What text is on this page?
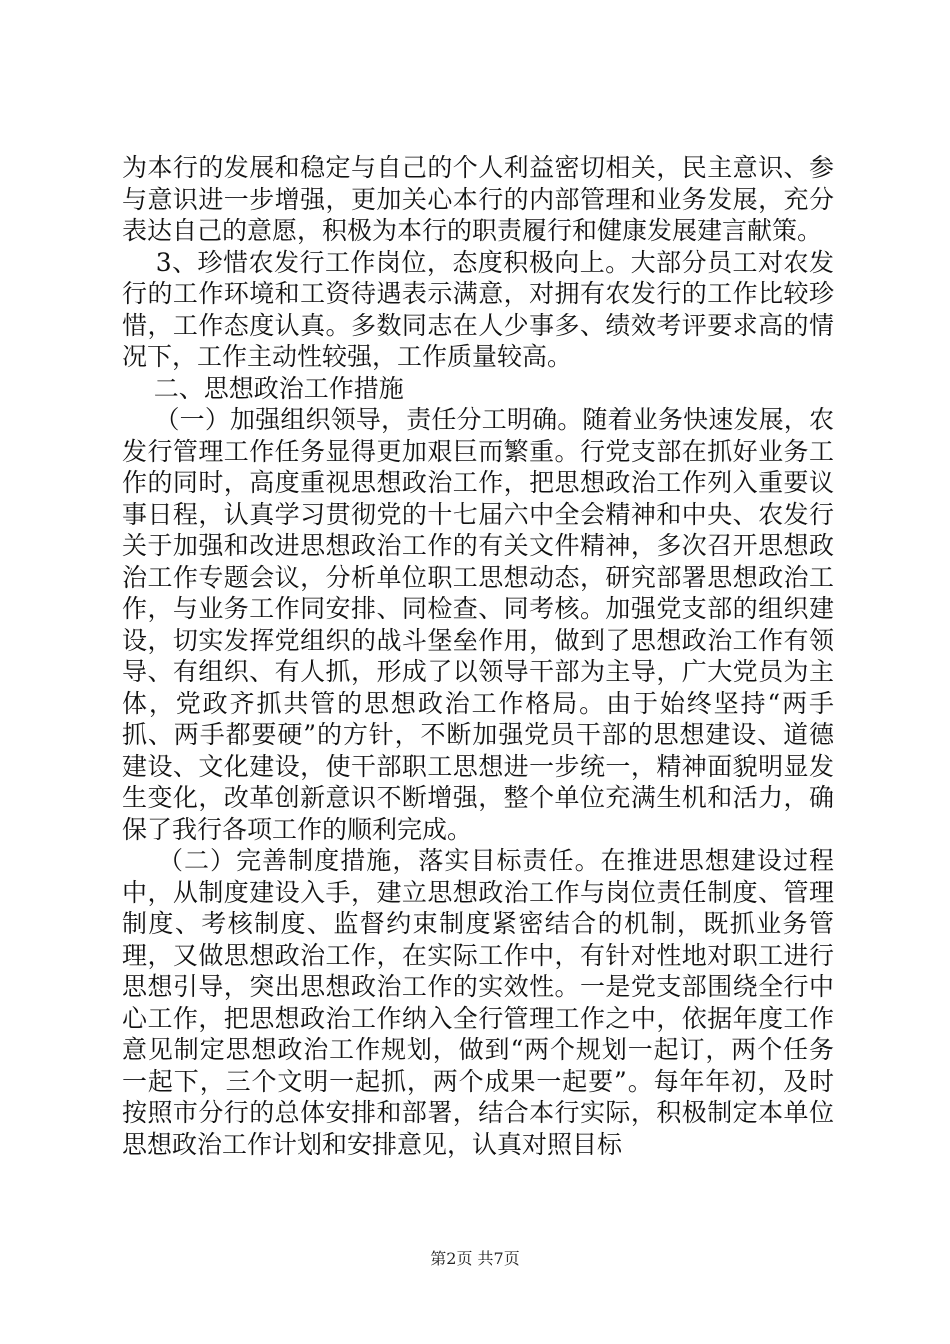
为本行的发展和稳定与自己的个人利益密切相关，民主意识、参与意识进一步增强，更加关心本行的内部管理和业务发展，充分表达自己的意愿，积极为本行的职责履行和健康发展建言献策。

3、珍惜农发行工作岗位，态度积极向上。大部分员工对农发行的工作环境和工资待遇表示满意，对拥有农发行的工作比较珍惜，工作态度认真。多数同志在人少事多、绩效考评要求高的情况下，工作主动性较强，工作质量较高。

二、思想政治工作措施

（一）加强组织领导，责任分工明确。随着业务快速发展，农发行管理工作任务显得更加艰巨而繁重。行党支部在抓好业务工作的同时，高度重视思想政治工作，把思想政治工作列入重要议事日程，认真学习贯彻党的十七届六中全会精神和中央、农发行关于加强和改进思想政治工作的有关文件精神，多次召开思想政治工作专题会议，分析单位职工思想动态，研究部署思想政治工作，与业务工作同安排、同检查、同考核。加强党支部的组织建设，切实发挥党组织的战斗堡垒作用，做到了思想政治工作有领导、有组织、有人抓，形成了以领导干部为主导，广大党员为主体，党政齐抓共管的思想政治工作格局。由于始终坚持“两手抓、两手都要硬”的方针，不断加强党员干部的思想建设、道德建设、文化建设，使干部职工思想进一步统一，精神面貌明显发生变化，改革创新意识不断增强，整个单位充满生机和活力，确保了我行各项工作的顺利完成。

（二）完善制度措施，落实目标责任。在推进思想建设过程中，从制度建设入手，建立思想政治工作与岗位责任制度、管理制度、考核制度、监督约束制度紧密结合的机制，既抓业务管理，又做思想政治工作，在实际工作中，有针对性地对职工进行思想引导，突出思想政治工作的实效性。一是党支部围绕全行中心工作，把思想政治工作纳入全行管理工作之中，依据年度工作意见制定思想政治工作规划，做到“两个规划一起订，两个任务一起下，三个文明一起抓，两个成果一起要”。每年年初，及时按照市分行的总体安排和部署，结合本行实际，积极制定本单位思想政治工作计划和安排意见，认真对照目标

第2页 共7页
